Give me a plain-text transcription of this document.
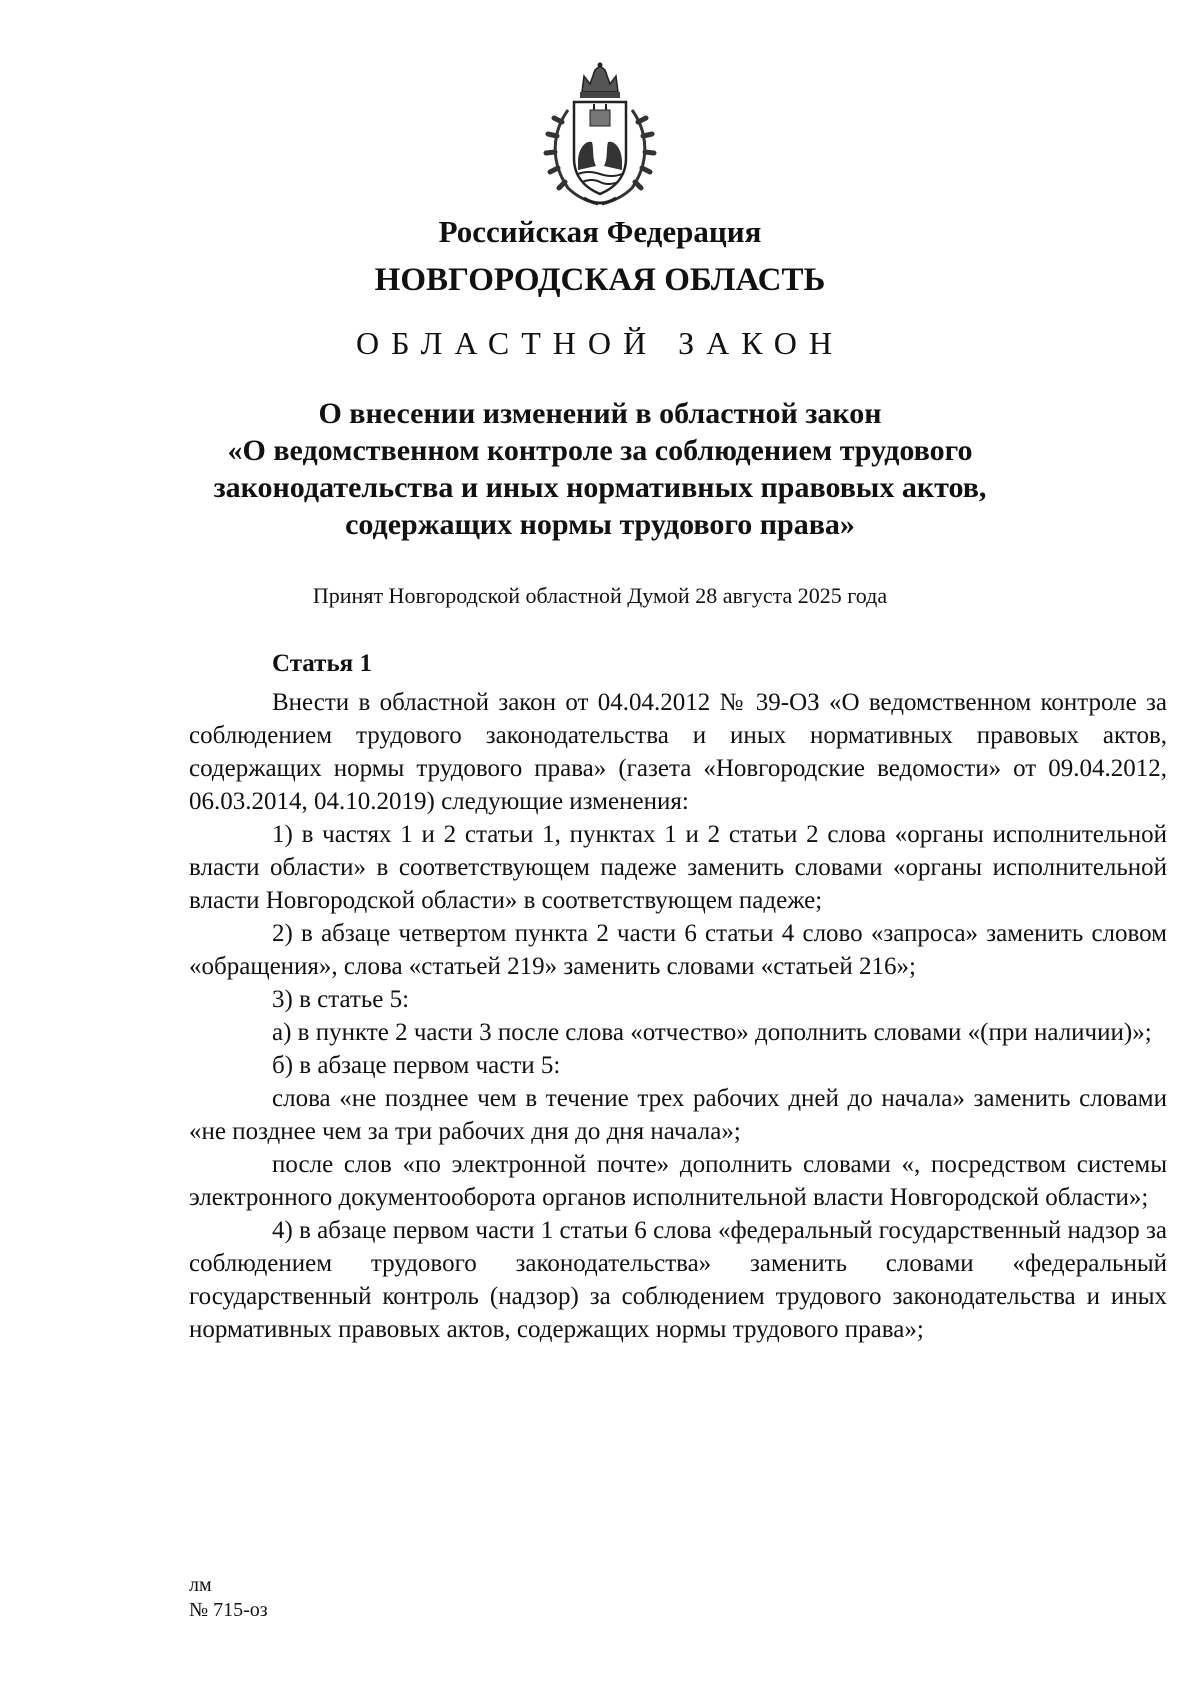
Российская Федерация
НОВГОРОДСКАЯ ОБЛАСТЬ
ОБЛАСТНОЙ ЗАКОН
О внесении изменений в областной закон
«О ведомственном контроле за соблюдением трудового
законодательства и иных нормативных правовых актов,
содержащих нормы трудового права»
Принят Новгородской областной Думой 28 августа 2025 года
Статья 1

Внести в областной закон от 04.04.2012 № 39-ОЗ «О ведомственном контроле за соблюдением трудового законодательства и иных нормативных правовых актов, содержащих нормы трудового права» (газета «Новгородские ведомости» от 09.04.2012, 06.03.2014, 04.10.2019) следующие изменения:

1) в частях 1 и 2 статьи 1, пунктах 1 и 2 статьи 2 слова «органы исполнительной власти области» в соответствующем падеже заменить словами «органы исполнительной власти Новгородской области» в соответствующем падеже;

2) в абзаце четвертом пункта 2 части 6 статьи 4 слово «запроса» заменить словом «обращения», слова «статьей 219» заменить словами «статьей 216»;

3) в статье 5:

а) в пункте 2 части 3 после слова «отчество» дополнить словами «(при наличии)»;

б) в абзаце первом части 5:

слова «не позднее чем в течение трех рабочих дней до начала» заменить словами «не позднее чем за три рабочих дня до дня начала»;

после слов «по электронной почте» дополнить словами «, посредством системы электронного документооборота органов исполнительной власти Новгородской области»;

4) в абзаце первом части 1 статьи 6 слова «федеральный государственный надзор за соблюдением трудового законодательства» заменить словами «федеральный государственный контроль (надзор) за соблюдением трудового законодательства и иных нормативных правовых актов, содержащих нормы трудового права»;

лм
№ 715-оз
